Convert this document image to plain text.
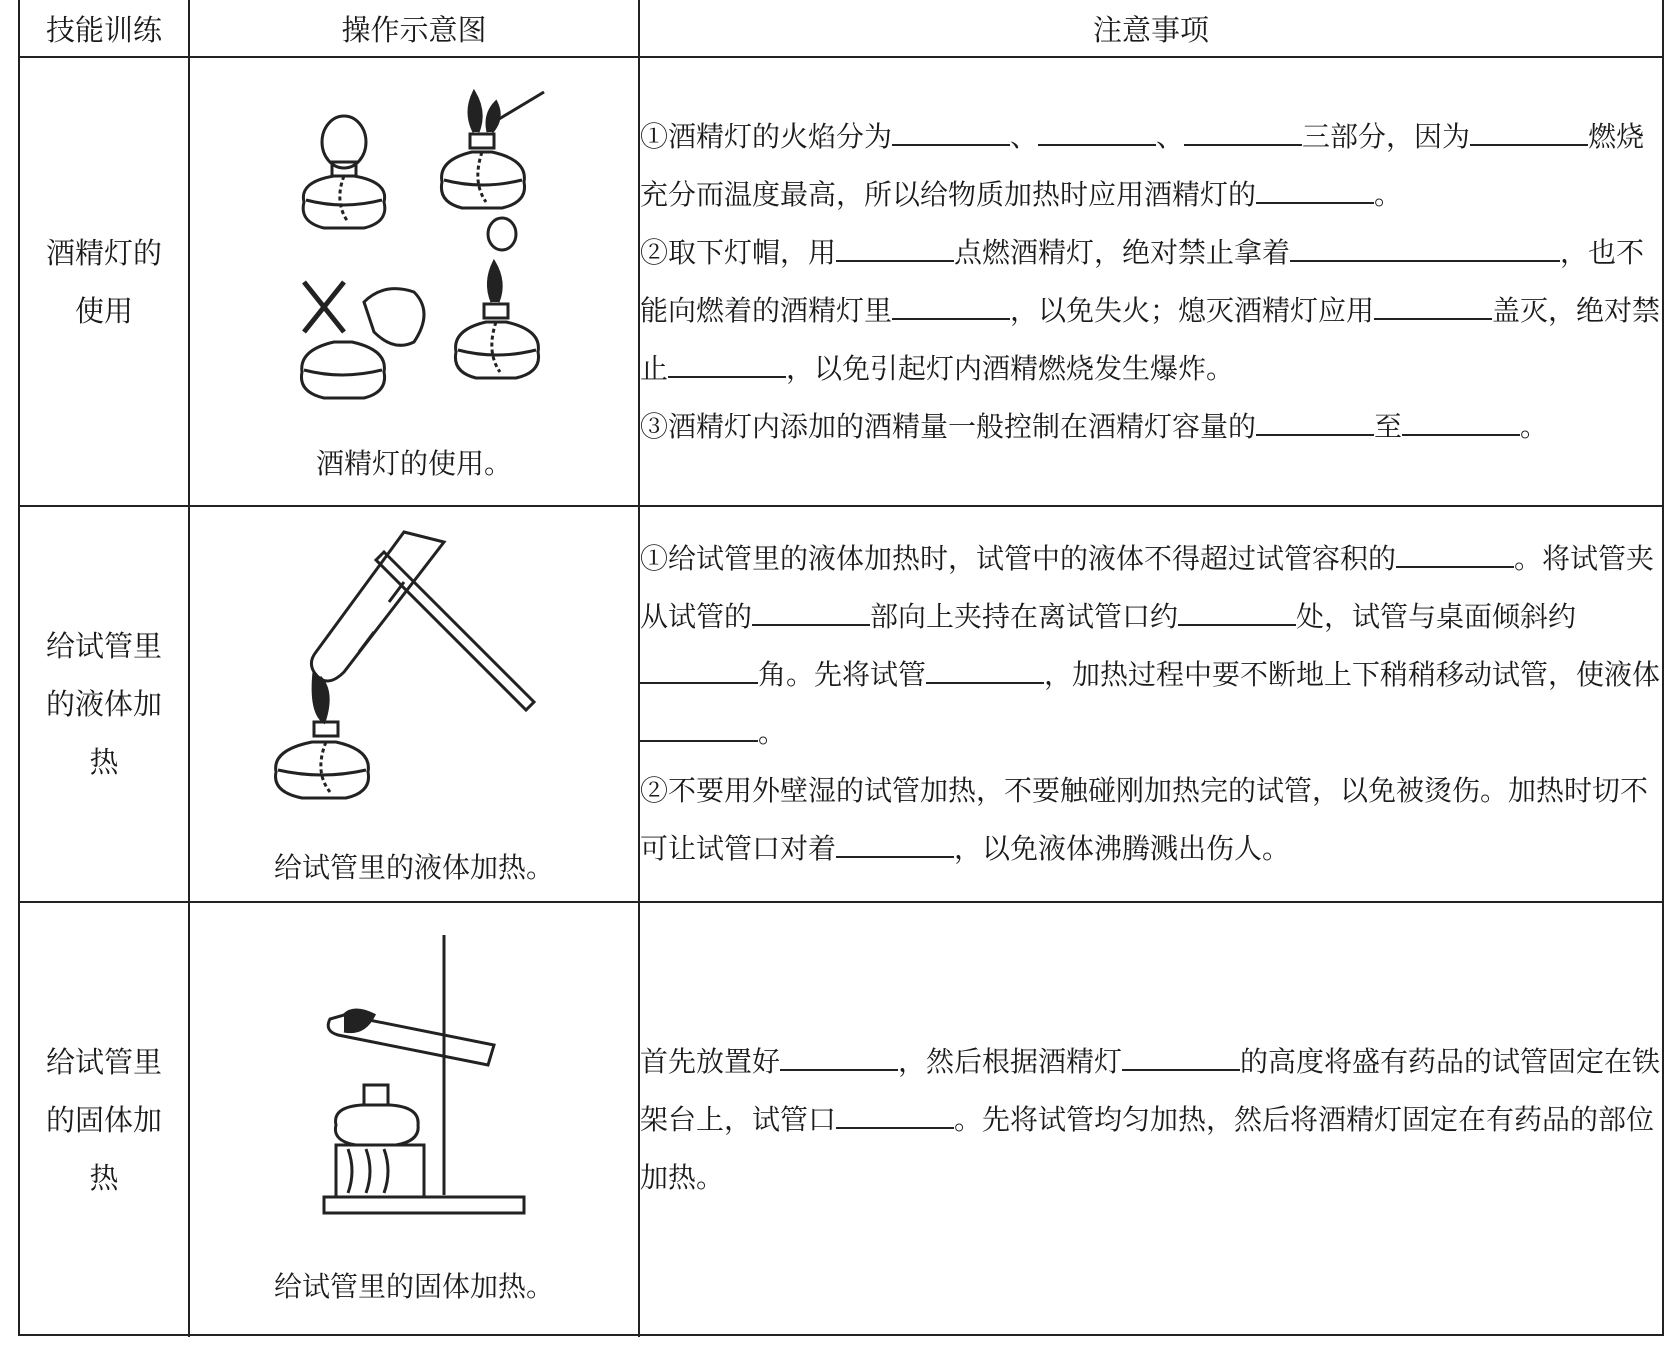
技能训练	操作示意图	注意事项

酒精灯的使用	酒精灯的使用。	①酒精灯的火焰分为 、 、 三部分，因为 燃烧充分而温度最高，所以给物质加热时应用酒精灯的 。

②取下灯帽，用 点燃酒精灯，绝对禁止拿着 ，也不能向燃着的酒精灯里 ，以免失火；熄灭酒精灯应用 盖灭，绝对禁止 ，以免引起灯内酒精燃烧发生爆炸。

③酒精灯内添加的酒精量一般控制在酒精灯容量的 至 。

给试管里的液体加热	给试管里的液体加热。	①给试管里的液体加热时，试管中的液体不得超过试管容积的 。将试管夹从试管的 部向上夹持在离试管口约 处，试管与桌面倾斜约角。先将试管 ，加热过程中要不断地上下稍稍移动试管，使液体。

②不要用外壁湿的试管加热，不要触碰刚加热完的试管，以免被烫伤。加热时切不可让试管口对着 ，以免液体沸腾溅出伤人。

给试管里的固体加热	给试管里的固体加热。	首先放置好 ，然后根据酒精灯 的高度将盛有药品的试管固定在铁架台上，试管口 。先将试管均匀加热，然后将酒精灯固定在有药品的部位加热。
